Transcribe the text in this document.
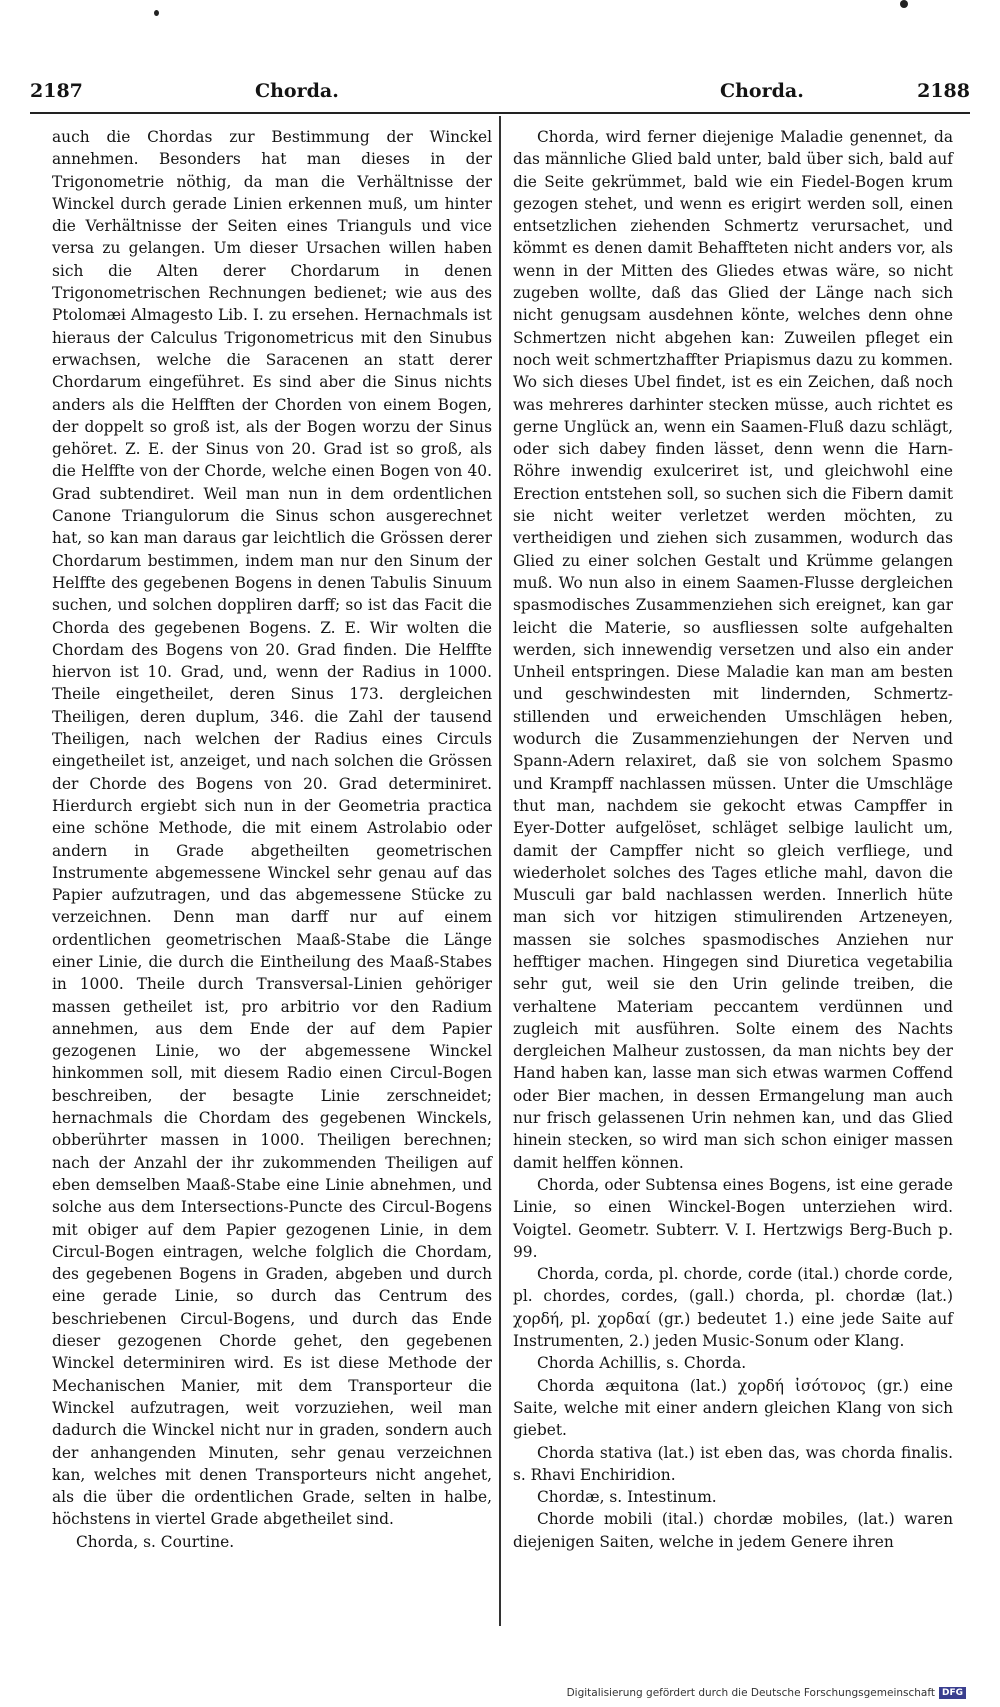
2187	Chorda.	Chorda.	2188

auch die Chordas zur Bestimmung der Winckel annehmen. Besonders hat man dieses in der Trigonometrie nöthig, da man die Verhältnisse der Winckel durch gerade Linien erkennen muß, um hinter die Verhältnisse der Seiten eines Trianguls und vice versa zu gelangen. Um dieser Ursachen willen haben sich die Alten derer Chordarum in denen Trigonometrischen Rechnungen bedienet; wie aus des Ptolomæi Almagesto Lib. I. zu ersehen. Hernachmals ist hieraus der Calculus Trigonometricus mit den Sinubus erwachsen, welche die Saracenen an statt derer Chordarum eingeführet. Es sind aber die Sinus nichts anders als die Helfften der Chorden von einem Bogen, der doppelt so groß ist, als der Bogen worzu der Sinus gehöret. Z. E. der Sinus von 20. Grad ist so groß, als die Helffte von der Chorde, welche einen Bogen von 40. Grad subtendiret. Weil man nun in dem ordentlichen Canone Triangulorum die Sinus schon ausgerechnet hat, so kan man daraus gar leichtlich die Grössen derer Chordarum bestimmen, indem man nur den Sinum der Helffte des gegebenen Bogens in denen Tabulis Sinuum suchen, und solchen doppliren darff; so ist das Facit die Chorda des gegebenen Bogens. Z. E. Wir wolten die Chordam des Bogens von 20. Grad finden. Die Helffte hiervon ist 10. Grad, und, wenn der Radius in 1000. Theile eingetheilet, deren Sinus 173. dergleichen Theiligen, deren duplum, 346. die Zahl der tausend Theiligen, nach welchen der Radius eines Circuls eingetheilet ist, anzeiget, und nach solchen die Grössen der Chorde des Bogens von 20. Grad determiniret. Hierdurch ergiebt sich nun in der Geometria practica eine schöne Methode, die mit einem Astrolabio oder andern in Grade abgetheilten geometrischen Instrumente abgemessene Winckel sehr genau auf das Papier aufzutragen, und das abgemessene Stücke zu verzeichnen. Denn man darff nur auf einem ordentlichen geometrischen Maaß-Stabe die Länge einer Linie, die durch die Eintheilung des Maaß-Stabes in 1000. Theile durch Transversal-Linien gehöriger massen getheilet ist, pro arbitrio vor den Radium annehmen, aus dem Ende der auf dem Papier gezogenen Linie, wo der abgemessene Winckel hinkommen soll, mit diesem Radio einen Circul-Bogen beschreiben, der besagte Linie zerschneidet; hernachmals die Chordam des gegebenen Winckels, obberührter massen in 1000. Theiligen berechnen; nach der Anzahl der ihr zukommenden Theiligen auf eben demselben Maaß-Stabe eine Linie abnehmen, und solche aus dem Intersections-Puncte des Circul-Bogens mit obiger auf dem Papier gezogenen Linie, in dem Circul-Bogen eintragen, welche folglich die Chordam, des gegebenen Bogens in Graden, abgeben und durch eine gerade Linie, so durch das Centrum des beschriebenen Circul-Bogens, und durch das Ende dieser gezogenen Chorde gehet, den gegebenen Winckel determiniren wird. Es ist diese Methode der Mechanischen Manier, mit dem Transporteur die Winckel aufzutragen, weit vorzuziehen, weil man dadurch die Winckel nicht nur in graden, sondern auch der anhangenden Minuten, sehr genau verzeichnen kan, welches mit denen Transporteurs nicht angehet, als die über die ordentlichen Grade, selten in halbe, höchstens in viertel Grade abgetheilet sind.

Chorda, s. Courtine.

Chorda, wird ferner diejenige Maladie genennet, da das männliche Glied bald unter, bald über sich, bald auf die Seite gekrümmet, bald wie ein Fiedel-Bogen krum gezogen stehet, und wenn es erigirt werden soll, einen entsetzlichen ziehenden Schmertz verursachet, und kömmt es denen damit Behaffteten nicht anders vor, als wenn in der Mitten des Gliedes etwas wäre, so nicht zugeben wollte, daß das Glied der Länge nach sich nicht genugsam ausdehnen könte, welches denn ohne Schmertzen nicht abgehen kan: Zuweilen pfleget ein noch weit schmertzhaffter Priapismus dazu zu kommen. Wo sich dieses Ubel findet, ist es ein Zeichen, daß noch was mehreres darhinter stecken müsse, auch richtet es gerne Unglück an, wenn ein Saamen-Fluß dazu schlägt, oder sich dabey finden lässet, denn wenn die Harn-Röhre inwendig exulceriret ist, und gleichwohl eine Erection entstehen soll, so suchen sich die Fibern damit sie nicht weiter verletzet werden möchten, zu vertheidigen und ziehen sich zusammen, wodurch das Glied zu einer solchen Gestalt und Krümme gelangen muß. Wo nun also in einem Saamen-Flusse dergleichen spasmodisches Zusammenziehen sich ereignet, kan gar leicht die Materie, so ausfliessen solte aufgehalten werden, sich innewendig versetzen und also ein ander Unheil entspringen. Diese Maladie kan man am besten und geschwindesten mit lindernden, Schmertz-stillenden und erweichenden Umschlägen heben, wodurch die Zusammenziehungen der Nerven und Spann-Adern relaxiret, daß sie von solchem Spasmo und Krampff nachlassen müssen. Unter die Umschläge thut man, nachdem sie gekocht etwas Campffer in Eyer-Dotter aufgelöset, schläget selbige laulicht um, damit der Campffer nicht so gleich verfliege, und wiederholet solches des Tages etliche mahl, davon die Musculi gar bald nachlassen werden. Innerlich hüte man sich vor hitzigen stimulirenden Artzeneyen, massen sie solches spasmodisches Anziehen nur hefftiger machen. Hingegen sind Diuretica vegetabilia sehr gut, weil sie den Urin gelinde treiben, die verhaltene Materiam peccantem verdünnen und zugleich mit ausführen. Solte einem des Nachts dergleichen Malheur zustossen, da man nichts bey der Hand haben kan, lasse man sich etwas warmen Coffend oder Bier machen, in dessen Ermangelung man auch nur frisch gelassenen Urin nehmen kan, und das Glied hinein stecken, so wird man sich schon einiger massen damit helffen können.

Chorda, oder Subtensa eines Bogens, ist eine gerade Linie, so einen Winckel-Bogen unterziehen wird. Voigtel. Geometr. Subterr. V. I. Hertzwigs Berg-Buch p. 99.

Chorda, corda, pl. chorde, corde (ital.) chorde corde, pl. chordes, cordes, (gall.) chorda, pl. chordæ (lat.) χορδή, pl. χορδαί (gr.) bedeutet 1.) eine jede Saite auf Instrumenten, 2.) jeden Music-Sonum oder Klang.

Chorda Achillis, s. Chorda.

Chorda æquitona (lat.) χορδή ἰσότονος (gr.) eine Saite, welche mit einer andern gleichen Klang von sich giebet.

Chorda stativa (lat.) ist eben das, was chorda finalis. s. Rhavi Enchiridion.

Chordæ, s. Intestinum.

Chorde mobili (ital.) chordæ mobiles, (lat.) waren diejenigen Saiten, welche in jedem Genere ihren

Digitalisierung gefördert durch die Deutsche Forschungsgemeinschaft DFG
